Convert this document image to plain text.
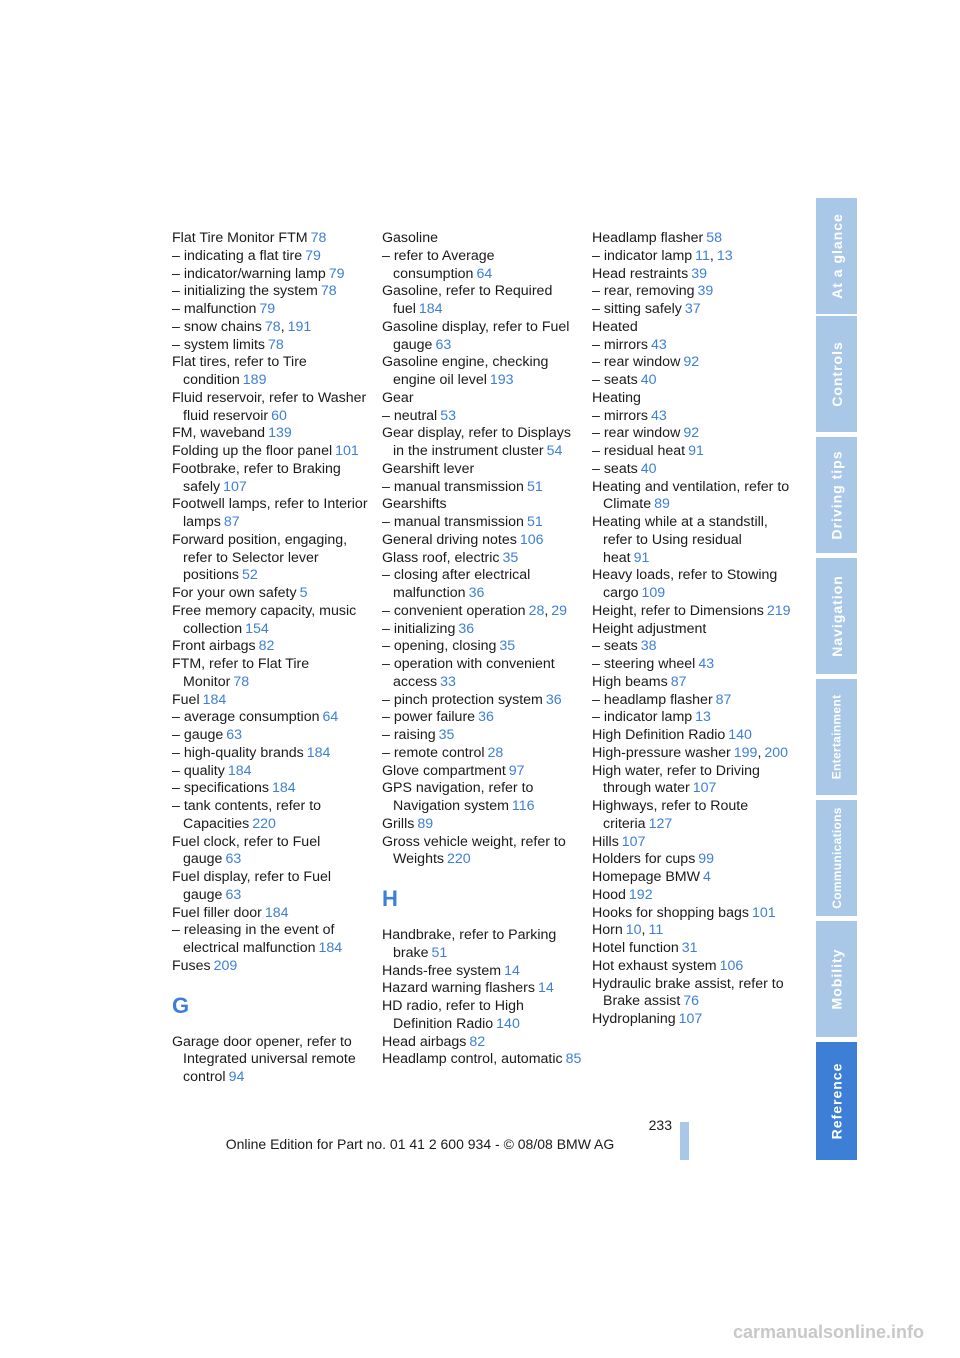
Flat Tire Monitor FTM 78
– indicating a flat tire 79
– indicator/warning lamp 79
– initializing the system 78
– malfunction 79
– snow chains 78, 191
– system limits 78
Flat tires, refer to Tire condition 189
Fluid reservoir, refer to Washer fluid reservoir 60
FM, waveband 139
Folding up the floor panel 101
Footbrake, refer to Braking safely 107
Footwell lamps, refer to Interior lamps 87
Forward position, engaging, refer to Selector lever positions 52
For your own safety 5
Free memory capacity, music collection 154
Front airbags 82
FTM, refer to Flat Tire Monitor 78
Fuel 184
– average consumption 64
– gauge 63
– high-quality brands 184
– quality 184
– specifications 184
– tank contents, refer to Capacities 220
Fuel clock, refer to Fuel gauge 63
Fuel display, refer to Fuel gauge 63
Fuel filler door 184
– releasing in the event of electrical malfunction 184
Fuses 209
G
Garage door opener, refer to Integrated universal remote control 94
Gasoline
– refer to Average consumption 64
Gasoline, refer to Required fuel 184
Gasoline display, refer to Fuel gauge 63
Gasoline engine, checking engine oil level 193
Gear
– neutral 53
Gear display, refer to Displays in the instrument cluster 54
Gearshift lever
– manual transmission 51
Gearshifts
– manual transmission 51
General driving notes 106
Glass roof, electric 35
– closing after electrical malfunction 36
– convenient operation 28, 29
– initializing 36
– opening, closing 35
– operation with convenient access 33
– pinch protection system 36
– power failure 36
– raising 35
– remote control 28
Glove compartment 97
GPS navigation, refer to Navigation system 116
Grills 89
Gross vehicle weight, refer to Weights 220
H
Handbrake, refer to Parking brake 51
Hands-free system 14
Hazard warning flashers 14
HD radio, refer to High Definition Radio 140
Head airbags 82
Headlamp control, automatic 85
Headlamp flasher 58
– indicator lamp 11, 13
Head restraints 39
– rear, removing 39
– sitting safely 37
Heated
– mirrors 43
– rear window 92
– seats 40
Heating
– mirrors 43
– rear window 92
– residual heat 91
– seats 40
Heating and ventilation, refer to Climate 89
Heating while at a standstill, refer to Using residual heat 91
Heavy loads, refer to Stowing cargo 109
Height, refer to Dimensions 219
Height adjustment
– seats 38
– steering wheel 43
High beams 87
– headlamp flasher 87
– indicator lamp 13
High Definition Radio 140
High-pressure washer 199, 200
High water, refer to Driving through water 107
Highways, refer to Route criteria 127
Hills 107
Holders for cups 99
Homepage BMW 4
Hood 192
Hooks for shopping bags 101
Horn 10, 11
Hotel function 31
Hot exhaust system 106
Hydraulic brake assist, refer to Brake assist 76
Hydroplaning 107
At a glance
Controls
Driving tips
Navigation
Entertainment
Communications
Mobility
Reference
233
Online Edition for Part no. 01 41 2 600 934 - © 08/08 BMW AG
carmanualsonline.info
